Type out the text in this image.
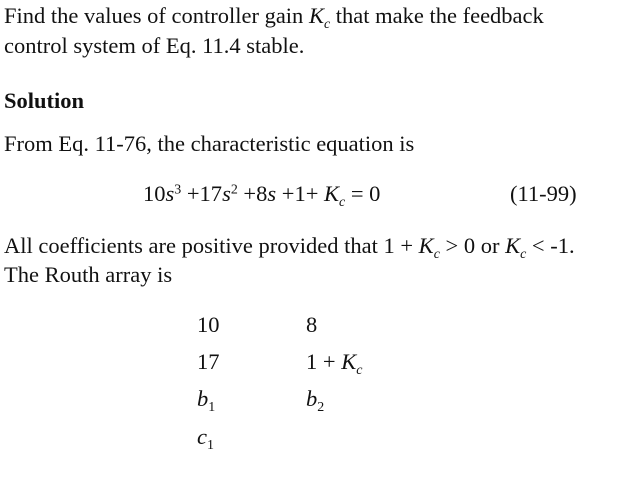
Find the values of controller gain $K_c$ that make the feedback
control system of Eq. 11.4 stable.
Solution
From Eq. 11-76, the characteristic equation is
$10s^3 +17s^2 +8s +1+ K_c = 0$	(11-99)
All coefficients are positive provided that $1 + K_c > 0$ or $K_c < -1$.
The Routh array is
10	8
17	$1 + K_c$
$b_1$	$b_2$
$c_1$
